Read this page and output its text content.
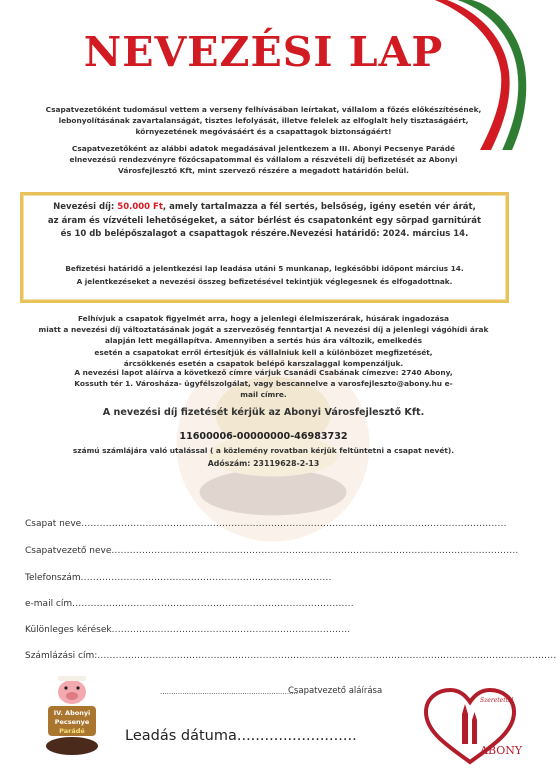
NEVEZÉSI LAP
Csapatvezetőként tudomásul vettem a verseny felhívásában leírtakat, vállalom a főzés előkészítésének,
lebonyolításának zavartalanságát, tisztes lefolyását, illetve felelek az elfoglalt hely tisztaságáért,
környezetének megóvásáért és a csapattagok biztonságáért!
Csapatvezetőként az alábbi adatok megadásával jelentkezem a III. Abonyi Pecsenye Parádé
elnevezésű rendezvényre főzőcsapatommal és vállalom a részvételi díj befizetését az Abonyi
Városfejlesztő Kft, mint szervező részére a megadott határidőn belül.
Nevezési díj: 50.000 Ft, amely tartalmazza a fél sertés, belsőség, igény esetén vér árát,
az áram és vízvételi lehetőségeket, a sátor bérlést és csapatonként egy sörpad garnitúrát
és 10 db belépőszalagot a csapattagok részére.Nevezési határidő: 2024. március 14.
Befizetési határidő a jelentkezési lap leadása utáni 5 munkanap, legkésőbbi időpont március 14.
A jelentkezéseket a nevezési összeg befizetésével tekintjük véglegesnek és elfogadottnak.
Felhívjuk a csapatok figyelmét arra, hogy a jelenlegi élelmiszerárak, húsárak ingadozása
miatt a nevezési díj változtatásának jogát a szervezőség fenntartja! A nevezési díj a jelenlegi vágóhídi árak
alapján lett megállapítva. Amennyiben a sertés hús ára változik, emelkedés
esetén a csapatokat erről értesítjük és vállalniuk kell a különbözet megfizetését,
árcsökkenés esetén a csapatok belépő karszalaggal kompenzáljuk.
A nevezési lapot aláírva a következő címre várjuk Csanádi Csabának címezve: 2740 Abony,
Kossuth tér 1. Városháza- ügyfélszolgálat, vagy bescannelve a varosfejleszto@abony.hu e-
mail címre.
A nevezési díj fizetését kérjük az Abonyi Városfejlesztő Kft.
11600006-00000000-46983732
számú számlájára való utalással ( a közlemény rovatban kérjük feltüntetni a csapat nevét).
Adószám: 23119628-2-13
Csapat neve...........................................................................................................................................
Csapatvezető neve.....................................................................................................................................
Telefonszám..................................................................................
e-mail cím............................................................................................
Különleges kérések..............................................................................
Számlázási cím:......................................................................................................................................................
..............................................................
Csapatvezető aláírása
Leadás dátuma..........................
IV. Abonyi
Pecsenye
Parádé
Szeretettel
ABONY
